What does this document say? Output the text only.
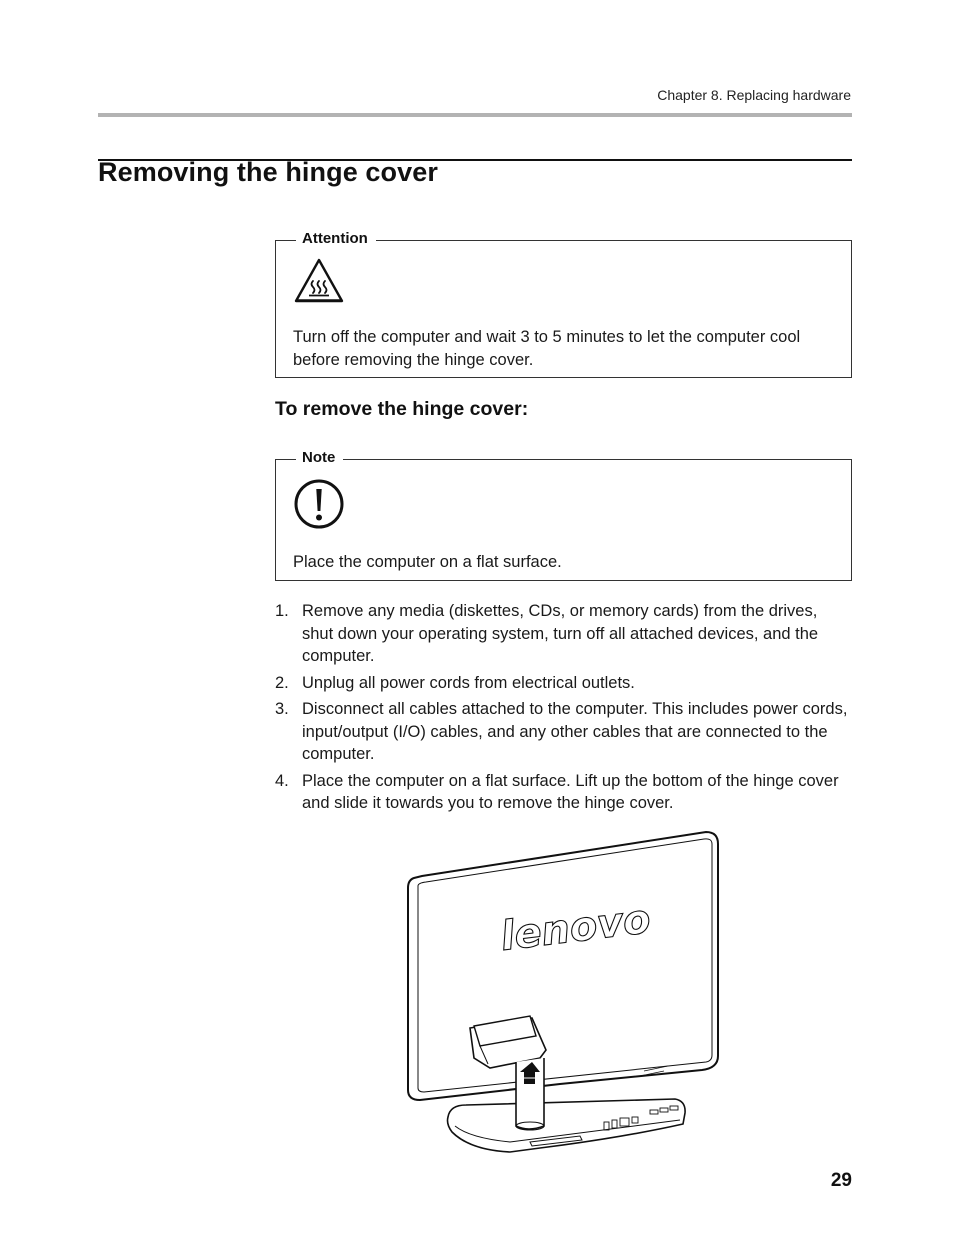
Chapter 8. Replacing hardware
Removing the hinge cover
Attention
Turn off the computer and wait 3 to 5 minutes to let the computer cool before removing the hinge cover.
To remove the hinge cover:
Note
Place the computer on a flat surface.
1. Remove any media (diskettes, CDs, or memory cards) from the drives, shut down your operating system, turn off all attached devices, and the computer.
2. Unplug all power cords from electrical outlets.
3. Disconnect all cables attached to the computer. This includes power cords, input/output (I/O) cables, and any other cables that are connected to the computer.
4. Place the computer on a flat surface. Lift up the bottom of the hinge cover and slide it towards you to remove the hinge cover.
lenovo
29
